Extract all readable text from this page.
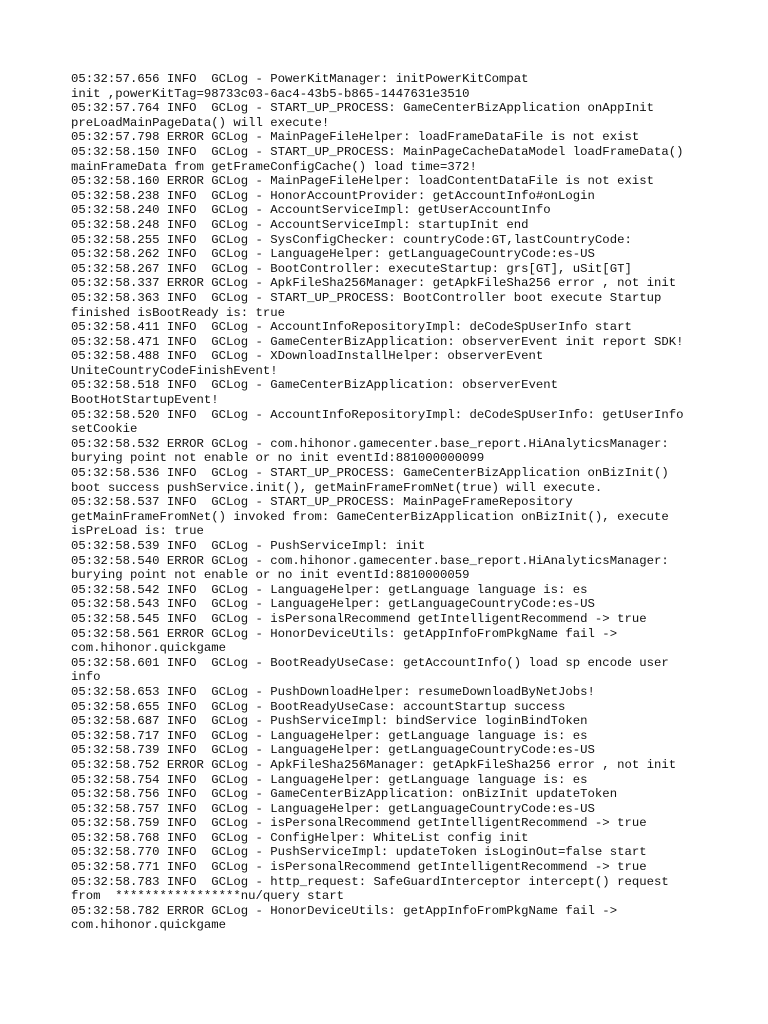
05:32:57.656 INFO  GCLog - PowerKitManager: initPowerKitCompat
init ,powerKitTag=98733c03-6ac4-43b5-b865-1447631e3510
05:32:57.764 INFO  GCLog - START_UP_PROCESS: GameCenterBizApplication onAppInit
preLoadMainPageData() will execute!
05:32:57.798 ERROR GCLog - MainPageFileHelper: loadFrameDataFile is not exist
05:32:58.150 INFO  GCLog - START_UP_PROCESS: MainPageCacheDataModel loadFrameData()
mainFrameData from getFrameConfigCache() load time=372!
05:32:58.160 ERROR GCLog - MainPageFileHelper: loadContentDataFile is not exist
05:32:58.238 INFO  GCLog - HonorAccountProvider: getAccountInfo#onLogin
05:32:58.240 INFO  GCLog - AccountServiceImpl: getUserAccountInfo
05:32:58.248 INFO  GCLog - AccountServiceImpl: startupInit end
05:32:58.255 INFO  GCLog - SysConfigChecker: countryCode:GT,lastCountryCode:
05:32:58.262 INFO  GCLog - LanguageHelper: getLanguageCountryCode:es-US
05:32:58.267 INFO  GCLog - BootController: executeStartup: grs[GT], uSit[GT]
05:32:58.337 ERROR GCLog - ApkFileSha256Manager: getApkFileSha256 error , not init
05:32:58.363 INFO  GCLog - START_UP_PROCESS: BootController boot execute Startup
finished isBootReady is: true
05:32:58.411 INFO  GCLog - AccountInfoRepositoryImpl: deCodeSpUserInfo start
05:32:58.471 INFO  GCLog - GameCenterBizApplication: observerEvent init report SDK!
05:32:58.488 INFO  GCLog - XDownloadInstallHelper: observerEvent
UniteCountryCodeFinishEvent!
05:32:58.518 INFO  GCLog - GameCenterBizApplication: observerEvent
BootHotStartupEvent!
05:32:58.520 INFO  GCLog - AccountInfoRepositoryImpl: deCodeSpUserInfo: getUserInfo
setCookie
05:32:58.532 ERROR GCLog - com.hihonor.gamecenter.base_report.HiAnalyticsManager:
burying point not enable or no init eventId:881000000099
05:32:58.536 INFO  GCLog - START_UP_PROCESS: GameCenterBizApplication onBizInit()
boot success pushService.init(), getMainFrameFromNet(true) will execute.
05:32:58.537 INFO  GCLog - START_UP_PROCESS: MainPageFrameRepository
getMainFrameFromNet() invoked from: GameCenterBizApplication onBizInit(), execute
isPreLoad is: true
05:32:58.539 INFO  GCLog - PushServiceImpl: init
05:32:58.540 ERROR GCLog - com.hihonor.gamecenter.base_report.HiAnalyticsManager:
burying point not enable or no init eventId:8810000059
05:32:58.542 INFO  GCLog - LanguageHelper: getLanguage language is: es
05:32:58.543 INFO  GCLog - LanguageHelper: getLanguageCountryCode:es-US
05:32:58.545 INFO  GCLog - isPersonalRecommend getIntelligentRecommend -> true
05:32:58.561 ERROR GCLog - HonorDeviceUtils: getAppInfoFromPkgName fail ->
com.hihonor.quickgame
05:32:58.601 INFO  GCLog - BootReadyUseCase: getAccountInfo() load sp encode user
info
05:32:58.653 INFO  GCLog - PushDownloadHelper: resumeDownloadByNetJobs!
05:32:58.655 INFO  GCLog - BootReadyUseCase: accountStartup success
05:32:58.687 INFO  GCLog - PushServiceImpl: bindService loginBindToken
05:32:58.717 INFO  GCLog - LanguageHelper: getLanguage language is: es
05:32:58.739 INFO  GCLog - LanguageHelper: getLanguageCountryCode:es-US
05:32:58.752 ERROR GCLog - ApkFileSha256Manager: getApkFileSha256 error , not init
05:32:58.754 INFO  GCLog - LanguageHelper: getLanguage language is: es
05:32:58.756 INFO  GCLog - GameCenterBizApplication: onBizInit updateToken
05:32:58.757 INFO  GCLog - LanguageHelper: getLanguageCountryCode:es-US
05:32:58.759 INFO  GCLog - isPersonalRecommend getIntelligentRecommend -> true
05:32:58.768 INFO  GCLog - ConfigHelper: WhiteList config init
05:32:58.770 INFO  GCLog - PushServiceImpl: updateToken isLoginOut=false start
05:32:58.771 INFO  GCLog - isPersonalRecommend getIntelligentRecommend -> true
05:32:58.783 INFO  GCLog - http_request: SafeGuardInterceptor intercept() request
from  *****************nu/query start
05:32:58.782 ERROR GCLog - HonorDeviceUtils: getAppInfoFromPkgName fail ->
com.hihonor.quickgame
